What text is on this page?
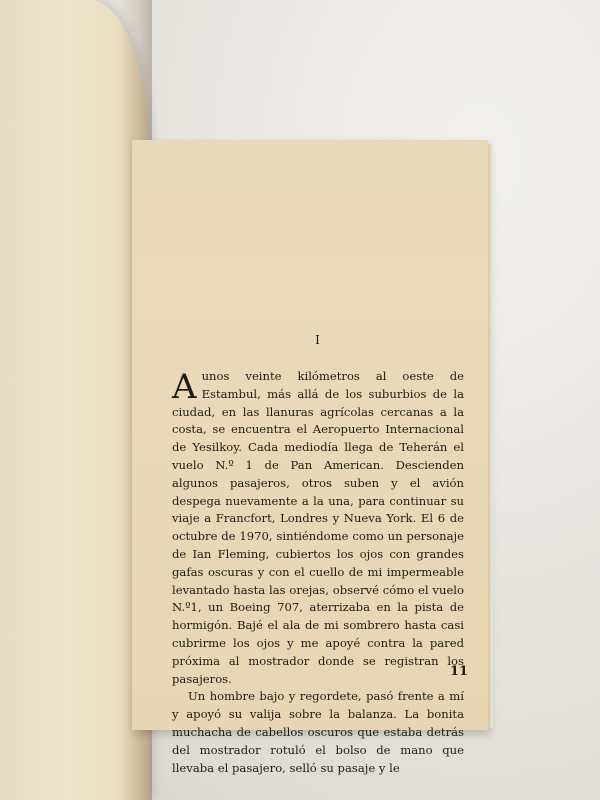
I

Aunos veinte kilómetros al oeste de Estambul, más allá de los suburbios de la ciudad, en las llanuras agrícolas cercanas a la costa, se encuentra el Aeropuerto Internacional de Yesilkoy. Cada mediodía llega de Teherán el vuelo N.º 1 de Pan American. Descienden algunos pasajeros, otros suben y el avión despega nuevamente a la una, para continuar su viaje a Francfort, Londres y Nueva York. El 6 de octubre de 1970, sintiéndome como un personaje de Ian Fleming, cubiertos los ojos con grandes gafas oscuras y con el cuello de mi impermeable levantado hasta las orejas, observé cómo el vuelo N.º1, un Boeing 707, aterrizaba en la pista de hormigón. Bajé el ala de mi sombrero hasta casi cubrirme los ojos y me apoyé contra la pared próxima al mostrador donde se registran los pasajeros.

Un hombre bajo y regordete, pasó frente a mí y apoyó su valija sobre la balanza. La bonita muchacha de cabellos oscuros que estaba detrás del mostrador rotuló el bolso de mano que llevaba el pasajero, selló su pasaje y le

11
